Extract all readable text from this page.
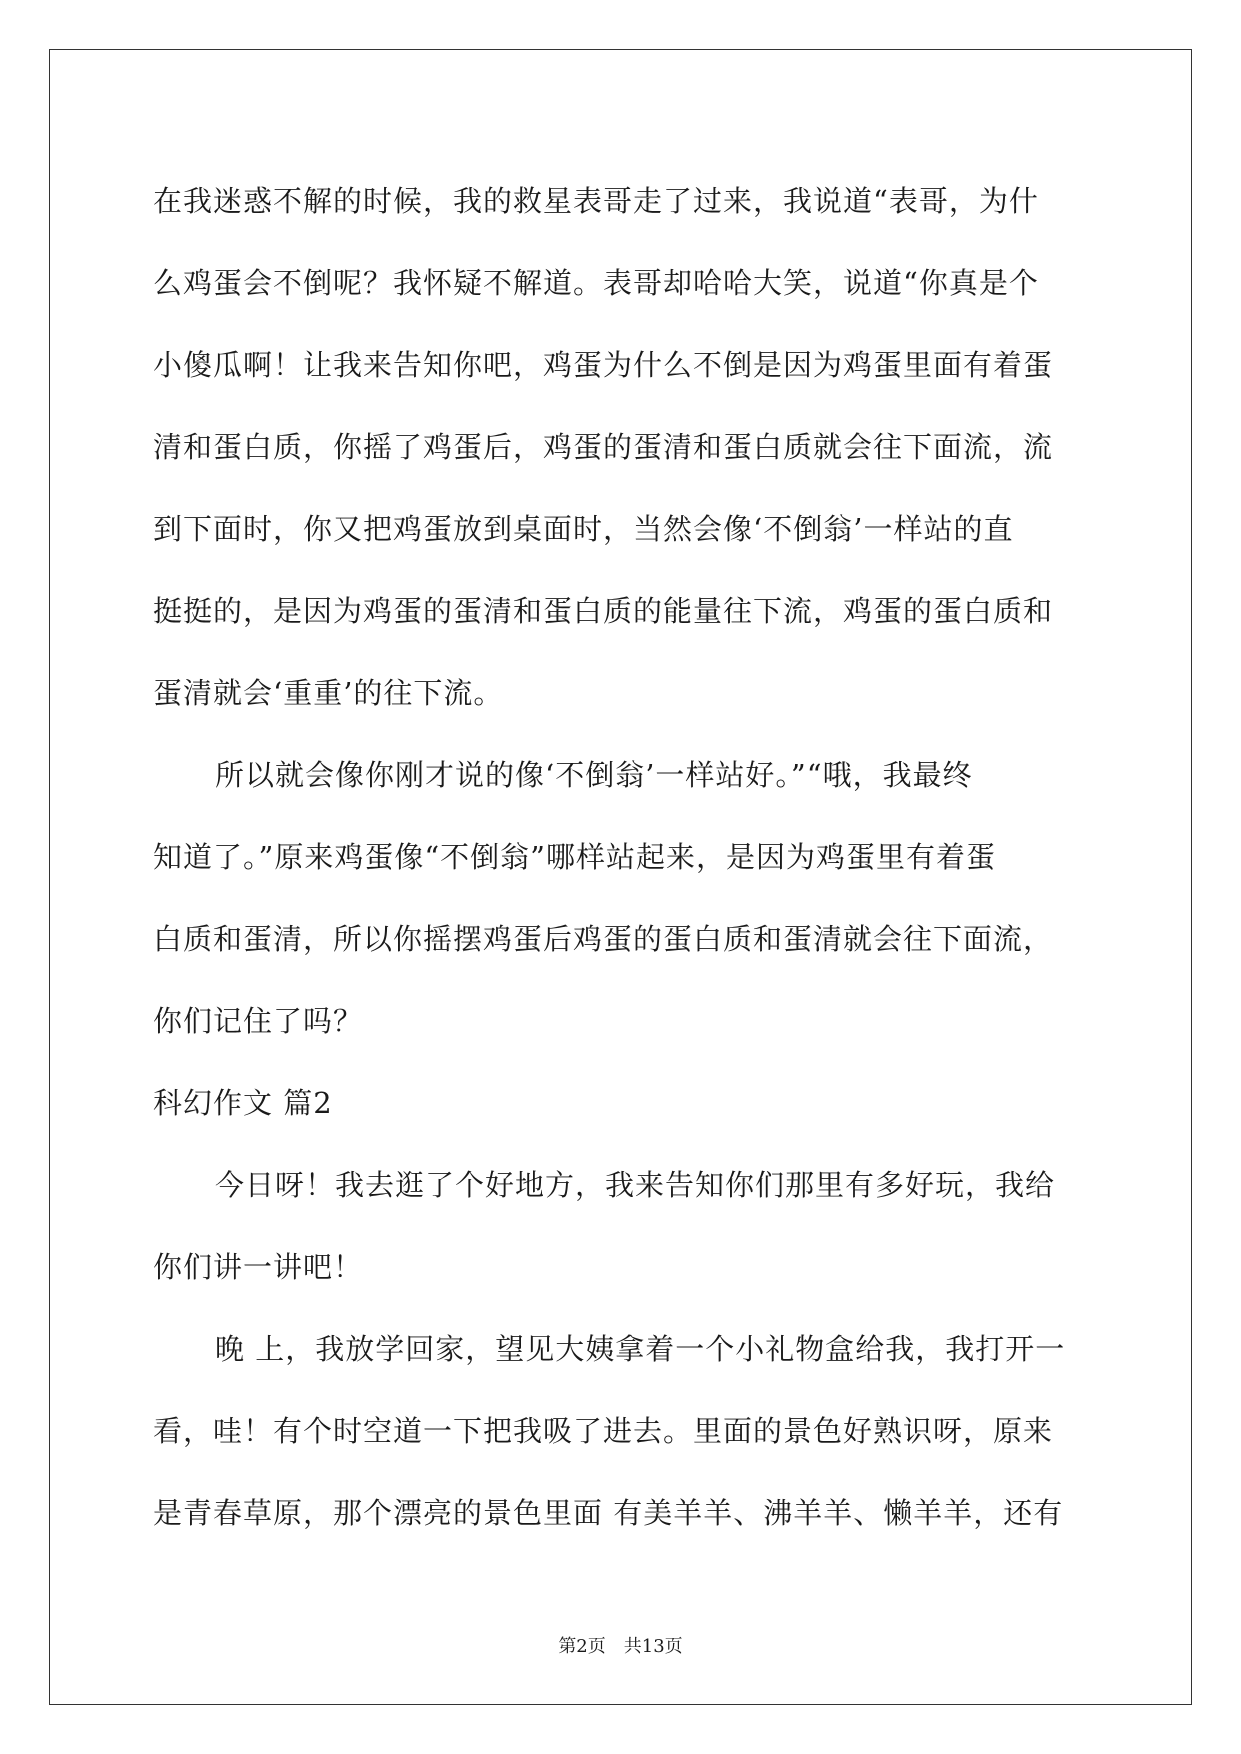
在我迷惑不解的时候，我的救星表哥走了过来，我说道“表哥，为什
么鸡蛋会不倒呢？我怀疑不解道。表哥却哈哈大笑，说道“你真是个
小傻瓜啊！让我来告知你吧，鸡蛋为什么不倒是因为鸡蛋里面有着蛋
清和蛋白质，你摇了鸡蛋后，鸡蛋的蛋清和蛋白质就会往下面流，流
到下面时，你又把鸡蛋放到桌面时，当然会像‘不倒翁’一样站的直
挺挺的，是因为鸡蛋的蛋清和蛋白质的能量往下流，鸡蛋的蛋白质和
蛋清就会‘重重’的往下流。
所以就会像你刚才说的像‘不倒翁’一样站好。”“哦，我最终
知道了。”原来鸡蛋像“不倒翁”哪样站起来，是因为鸡蛋里有着蛋
白质和蛋清，所以你摇摆鸡蛋后鸡蛋的蛋白质和蛋清就会往下面流，
你们记住了吗？
科幻作文 篇2
今日呀！我去逛了个好地方，我来告知你们那里有多好玩，我给
你们讲一讲吧！
晚 上，我放学回家，望见大姨拿着一个小礼物盒给我，我打开一
看，哇！有个时空道一下把我吸了进去。里面的景色好熟识呀，原来
是青春草原，那个漂亮的景色里面 有美羊羊、沸羊羊、懒羊羊，还有
第2页　共13页
